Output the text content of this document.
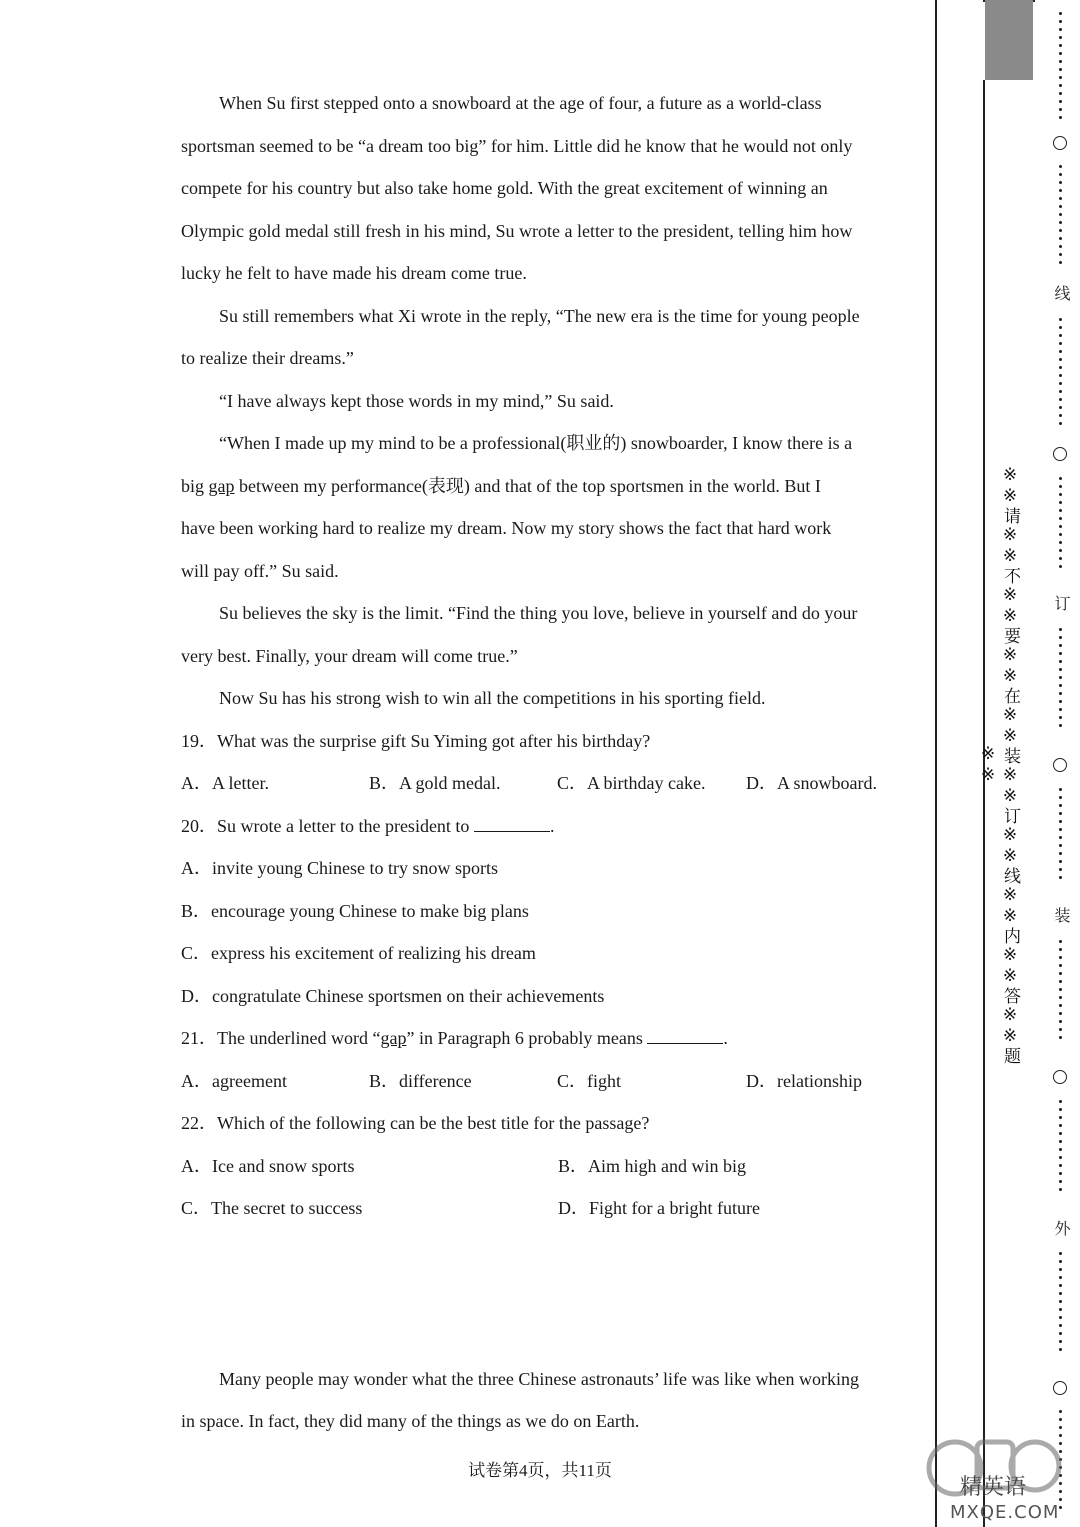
When Su first stepped onto a snowboard at the age of four, a future as a world-class
sportsman seemed to be “a dream too big” for him. Little did he know that he would not only
compete for his country but also take home gold. With the great excitement of winning an
Olympic gold medal still fresh in his mind, Su wrote a letter to the president, telling him how
lucky he felt to have made his dream come true.
Su still remembers what Xi wrote in the reply, “The new era is the time for young people
to realize their dreams.”
“I have always kept those words in my mind,” Su said.
“When I made up my mind to be a professional(职业的) snowboarder, I know there is a
big gap between my performance(表现) and that of the top sportsmen in the world. But I
have been working hard to realize my dream. Now my story shows the fact that hard work
will pay off.” Su said.
Su believes the sky is the limit. “Find the thing you love, believe in yourself and do your
very best. Finally, your dream will come true.”
Now Su has his strong wish to win all the competitions in his sporting field.
19．What was the surprise gift Su Yiming got after his birthday?
A．A letter.	B．A gold medal.	C．A birthday cake.	D．A snowboard.
20．Su wrote a letter to the president to	.
A．invite young Chinese to try snow sports
B．encourage young Chinese to make big plans
C．express his excitement of realizing his dream
D．congratulate Chinese sportsmen on their achievements
21．The underlined word “gap” in Paragraph 6 probably means	.
A．agreement	B．difference	C．fight	D．relationship
22．Which of the following can be the best title for the passage?
A．Ice and snow sports	B．Aim high and win big
C．The secret to success	D．Fight for a bright future
Many people may wonder what the three Chinese astronauts’ life was like when working
in space. In fact, they did many of the things as we do on Earth.
试卷第4页，共11页
※※请※※不※※要※※在※※装※※订※※线※※内※※答※※题※※
线
订
装
外
精英语
MXQE.COM
